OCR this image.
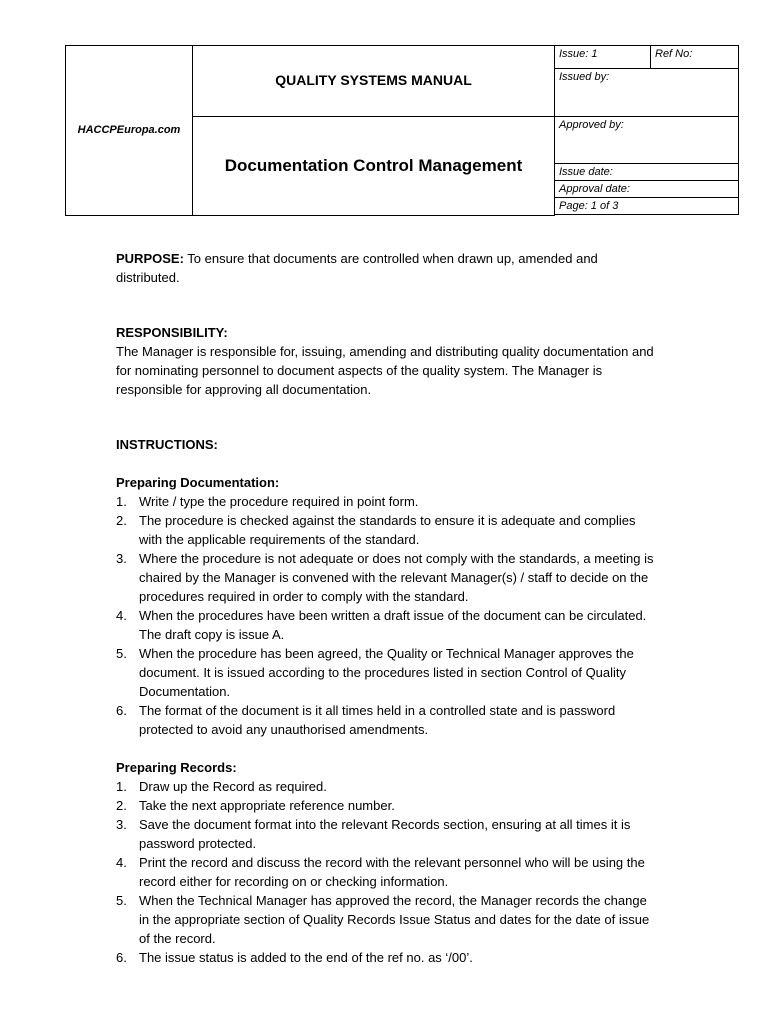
HACCPEuropa.com	QUALITY SYSTEMS MANUAL	Issue: 1	Ref No:
		Issued by:	
	Documentation Control Management	Approved by:	
		Issue date:	
		Approval date:	
		Page: 1 of 3	

PURPOSE: To ensure that documents are controlled when drawn up, amended and distributed.

RESPONSIBILITY:

The Manager is responsible for, issuing, amending and distributing quality documentation and for nominating personnel to document aspects of the quality system. The Manager is responsible for approving all documentation.

INSTRUCTIONS:

Preparing Documentation:

1. Write / type the procedure required in point form.
2. The procedure is checked against the standards to ensure it is adequate and complies with the applicable requirements of the standard.
3. Where the procedure is not adequate or does not comply with the standards, a meeting is chaired by the Manager is convened with the relevant Manager(s) / staff to decide on the procedures required in order to comply with the standard.
4. When the procedures have been written a draft issue of the document can be circulated. The draft copy is issue A.
5. When the procedure has been agreed, the Quality or Technical Manager approves the document. It is issued according to the procedures listed in section Control of Quality Documentation.
6. The format of the document is it all times held in a controlled state and is password protected to avoid any unauthorised amendments.

Preparing Records:

1. Draw up the Record as required.
2. Take the next appropriate reference number.
3. Save the document format into the relevant Records section, ensuring at all times it is password protected.
4. Print the record and discuss the record with the relevant personnel who will be using the record either for recording on or checking information.
5. When the Technical Manager has approved the record, the Manager records the change in the appropriate section of Quality Records Issue Status and dates for the date of issue of the record.
6. The issue status is added to the end of the ref no. as ‘/00’.
